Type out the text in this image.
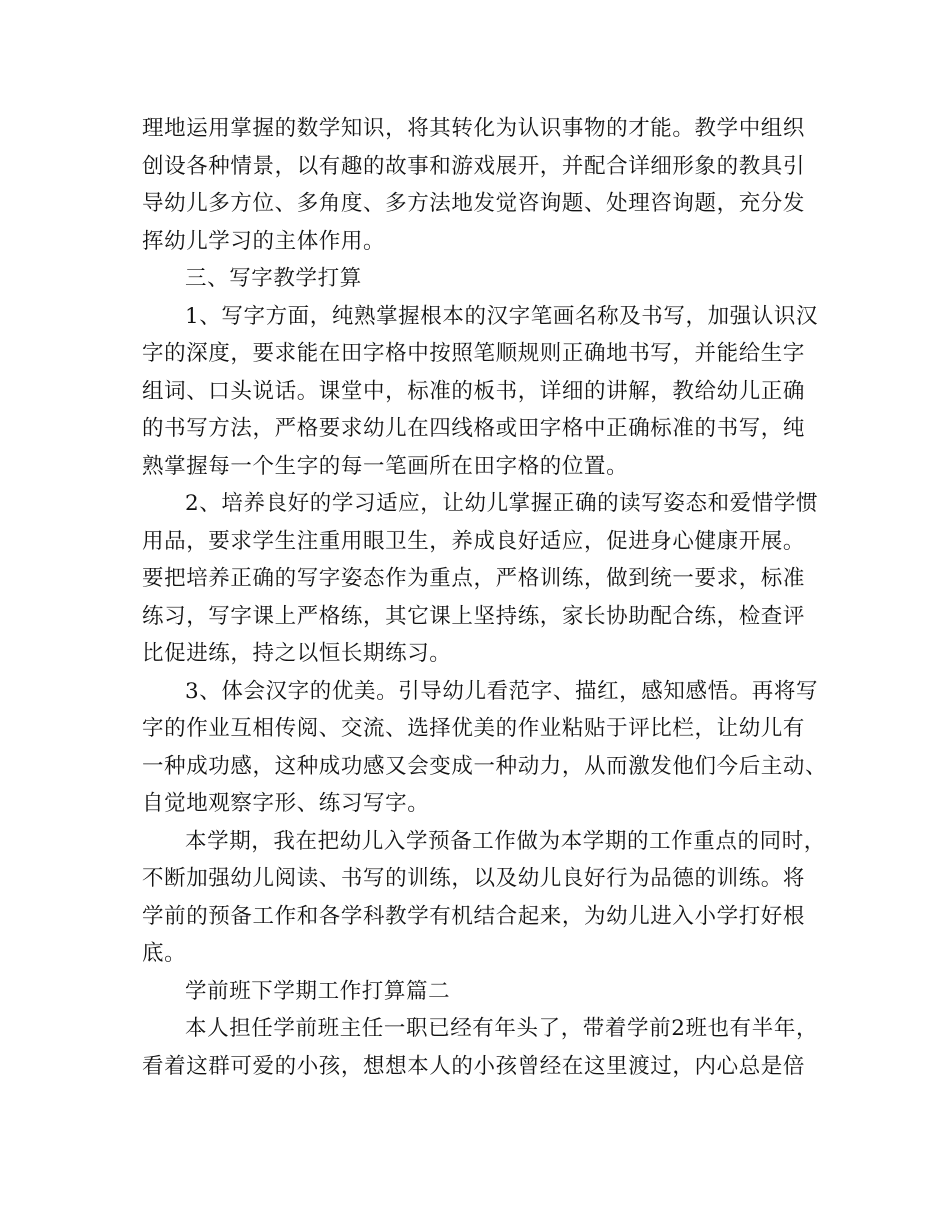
理地运用掌握的数学知识，将其转化为认识事物的才能。教学中组织
创设各种情景，以有趣的故事和游戏展开，并配合详细形象的教具引
导幼儿多方位、多角度、多方法地发觉咨询题、处理咨询题，充分发
挥幼儿学习的主体作用。
三、写字教学打算
1、写字方面，纯熟掌握根本的汉字笔画名称及书写，加强认识汉
字的深度，要求能在田字格中按照笔顺规则正确地书写，并能给生字
组词、口头说话。课堂中，标准的板书，详细的讲解，教给幼儿正确
的书写方法，严格要求幼儿在四线格或田字格中正确标准的书写，纯
熟掌握每一个生字的每一笔画所在田字格的位置。
2、培养良好的学习适应，让幼儿掌握正确的读写姿态和爱惜学惯
用品，要求学生注重用眼卫生，养成良好适应，促进身心健康开展。
要把培养正确的写字姿态作为重点，严格训练，做到统一要求，标准
练习，写字课上严格练，其它课上坚持练，家长协助配合练，检查评
比促进练，持之以恒长期练习。
3、体会汉字的优美。引导幼儿看范字、描红，感知感悟。再将写
字的作业互相传阅、交流、选择优美的作业粘贴于评比栏，让幼儿有
一种成功感，这种成功感又会变成一种动力，从而激发他们今后主动、
自觉地观察字形、练习写字。
本学期，我在把幼儿入学预备工作做为本学期的工作重点的同时，
不断加强幼儿阅读、书写的训练，以及幼儿良好行为品德的训练。将
学前的预备工作和各学科教学有机结合起来，为幼儿进入小学打好根
底。
学前班下学期工作打算篇二
本人担任学前班主任一职已经有年头了，带着学前2班也有半年，
看着这群可爱的小孩，想想本人的小孩曾经在这里渡过，内心总是倍
